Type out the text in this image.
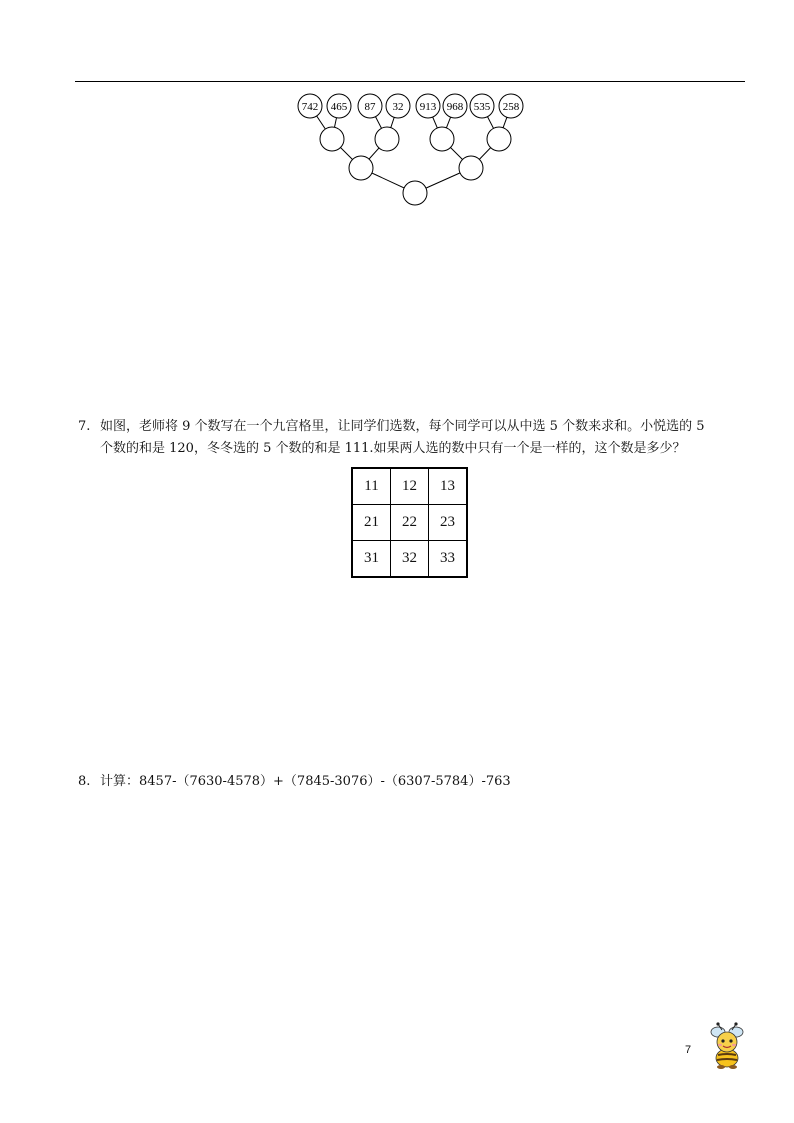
742 465 87 32 913 968 535 258
7. 如图，老师将 9 个数写在一个九宫格里，让同学们选数，每个同学可以从中选 5 个数来求和。小悦选的 5
个数的和是 120，冬冬选的 5 个数的和是 111.如果两人选的数中只有一个是一样的，这个数是多少？
11	12	13
21	22	23
31	32	33
8. 计算：8457-（7630-4578）+（7845-3076）-（6307-5784）-763
7
